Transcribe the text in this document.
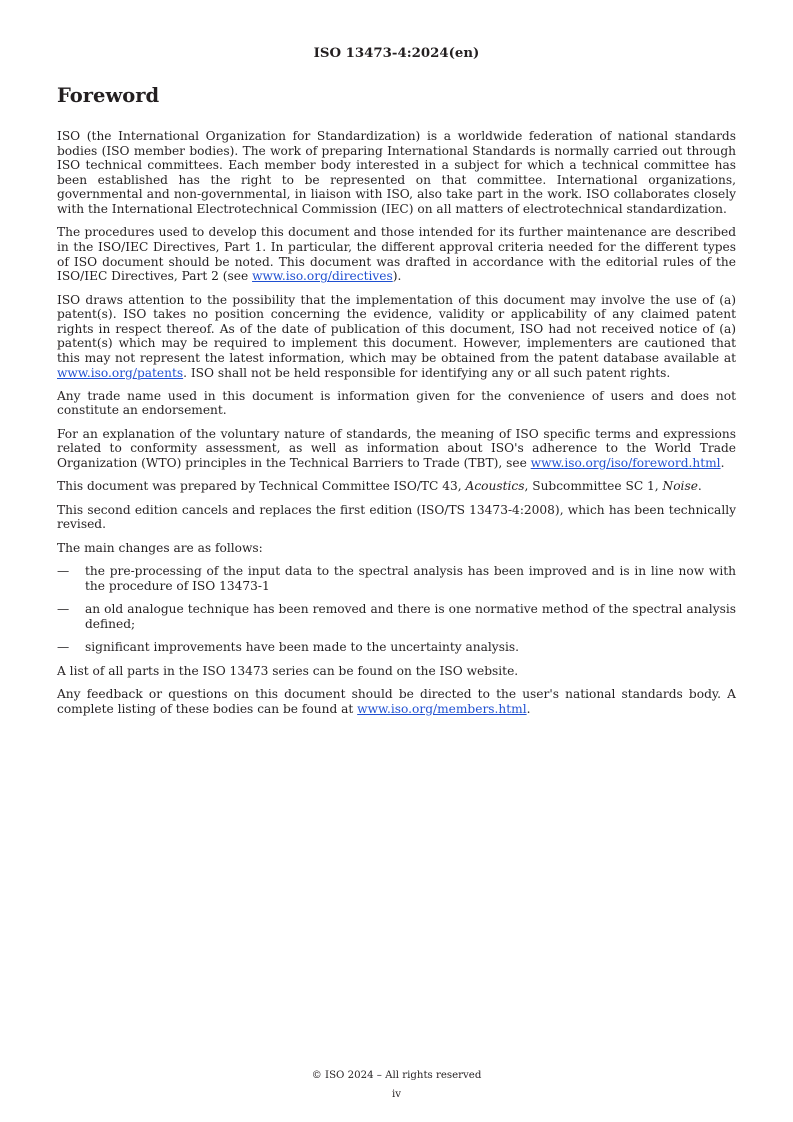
ISO 13473-4:2024(en)
Foreword

ISO (the International Organization for Standardization) is a worldwide federation of national standards bodies (ISO member bodies). The work of preparing International Standards is normally carried out through ISO technical committees. Each member body interested in a subject for which a technical committee has been established has the right to be represented on that committee. International organizations, governmental and non-governmental, in liaison with ISO, also take part in the work. ISO collaborates closely with the International Electrotechnical Commission (IEC) on all matters of electrotechnical standardization.

The procedures used to develop this document and those intended for its further maintenance are described in the ISO/IEC Directives, Part 1. In particular, the different approval criteria needed for the different types of ISO document should be noted. This document was drafted in accordance with the editorial rules of the ISO/IEC Directives, Part 2 (see www.iso.org/directives).

ISO draws attention to the possibility that the implementation of this document may involve the use of (a) patent(s). ISO takes no position concerning the evidence, validity or applicability of any claimed patent rights in respect thereof. As of the date of publication of this document, ISO had not received notice of (a) patent(s) which may be required to implement this document. However, implementers are cautioned that this may not represent the latest information, which may be obtained from the patent database available at www.iso.org/patents. ISO shall not be held responsible for identifying any or all such patent rights.

Any trade name used in this document is information given for the convenience of users and does not constitute an endorsement.

For an explanation of the voluntary nature of standards, the meaning of ISO specific terms and expressions related to conformity assessment, as well as information about ISO's adherence to the World Trade Organization (WTO) principles in the Technical Barriers to Trade (TBT), see www.iso.org/iso/foreword.html.

This document was prepared by Technical Committee ISO/TC 43, Acoustics, Subcommittee SC 1, Noise.

This second edition cancels and replaces the first edition (ISO/TS 13473-4:2008), which has been technically revised.

The main changes are as follows:

—	the pre-processing of the input data to the spectral analysis has been improved and is in line now with the procedure of ISO 13473-1
—	an old analogue technique has been removed and there is one normative method of the spectral analysis defined;
—	significant improvements have been made to the uncertainty analysis.

A list of all parts in the ISO 13473 series can be found on the ISO website.

Any feedback or questions on this document should be directed to the user's national standards body. A complete listing of these bodies can be found at www.iso.org/members.html.

© ISO 2024 – All rights reserved
iv
